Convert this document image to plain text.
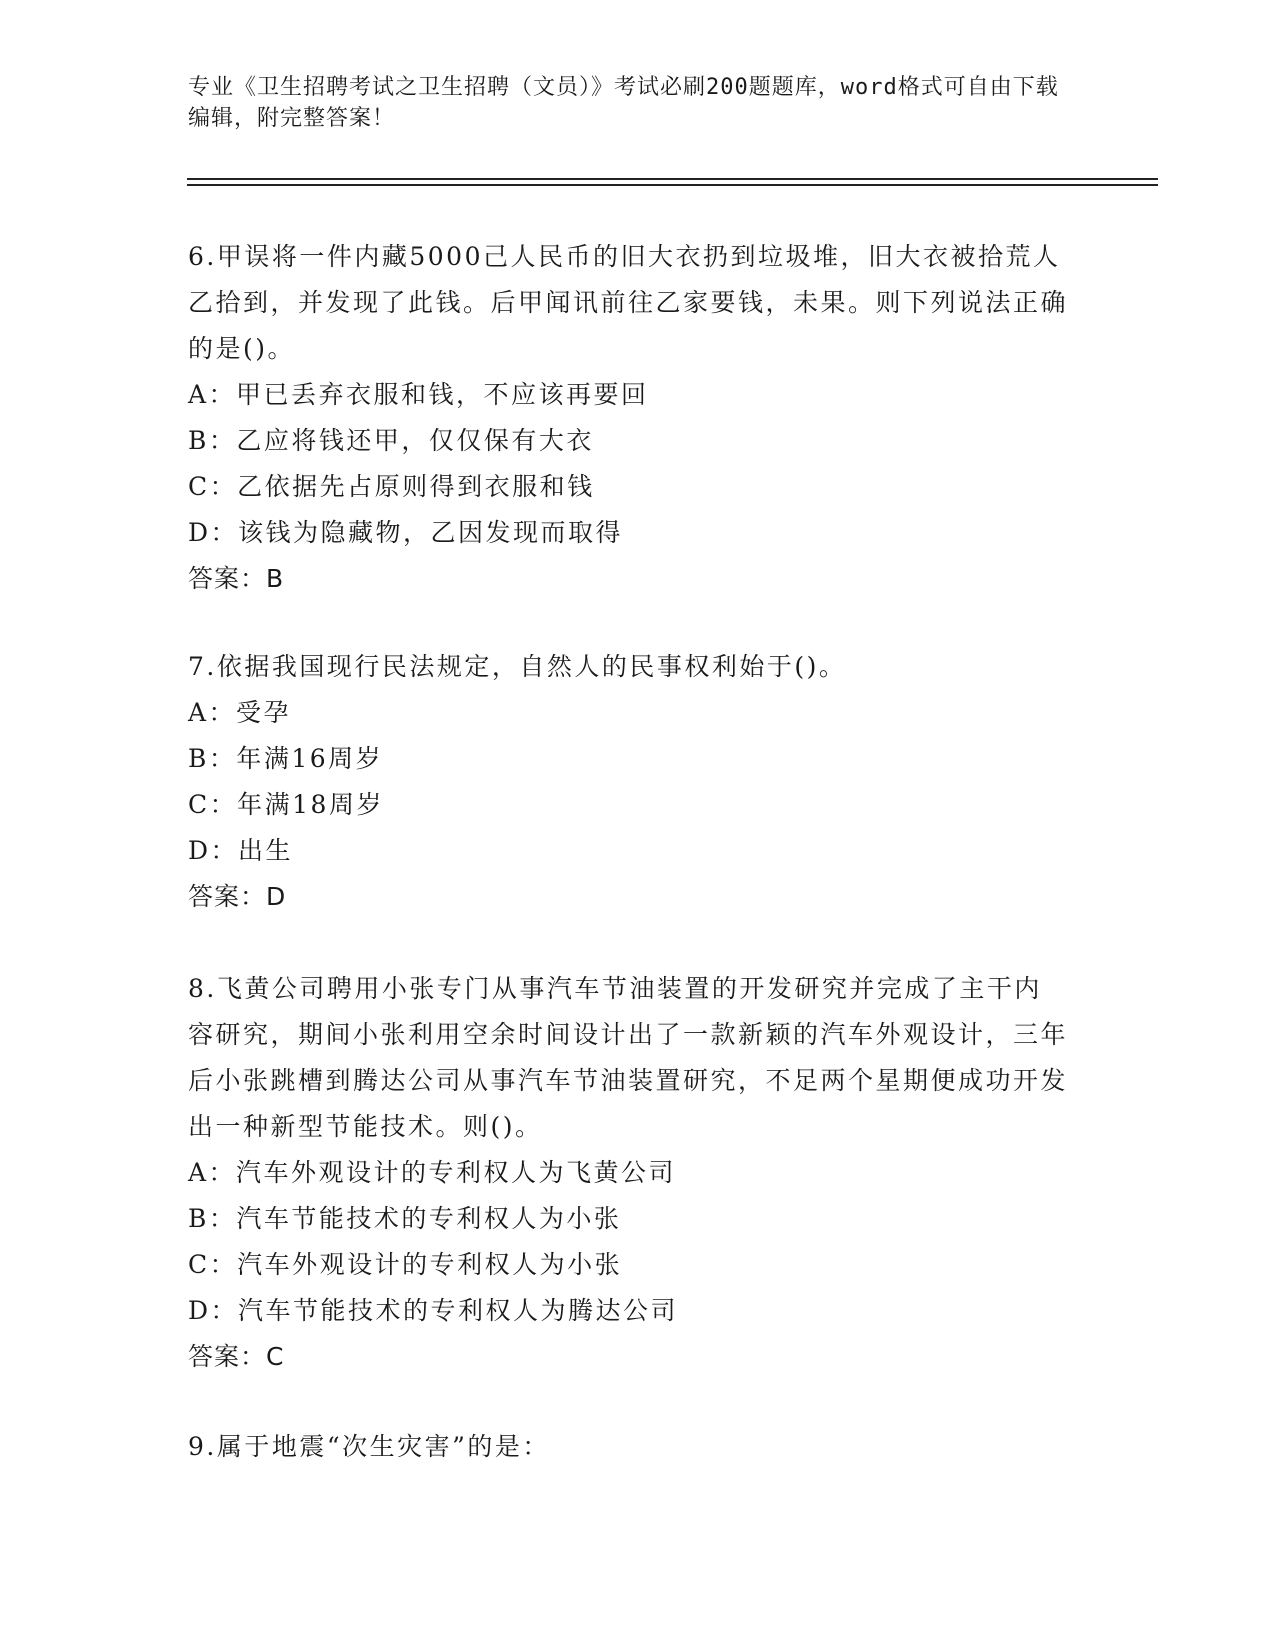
专业《卫生招聘考试之卫生招聘（文员）》考试必刷200题题库，word格式可自由下载编辑，附完整答案！

6.甲误将一件内藏5000己人民币的旧大衣扔到垃圾堆，旧大衣被拾荒人乙拾到，并发现了此钱。后甲闻讯前往乙家要钱，未果。则下列说法正确的是()。

A：甲已丢弃衣服和钱，不应该再要回

B：乙应将钱还甲，仅仅保有大衣

C：乙依据先占原则得到衣服和钱

D：该钱为隐藏物，乙因发现而取得

答案：B

7.依据我国现行民法规定，自然人的民事权利始于()。

A：受孕

B：年满16周岁

C：年满18周岁

D：出生

答案：D

8.飞黄公司聘用小张专门从事汽车节油装置的开发研究并完成了主干内容研究，期间小张利用空余时间设计出了一款新颖的汽车外观设计，三年后小张跳槽到腾达公司从事汽车节油装置研究，不足两个星期便成功开发出一种新型节能技术。则()。

A：汽车外观设计的专利权人为飞黄公司

B：汽车节能技术的专利权人为小张

C：汽车外观设计的专利权人为小张

D：汽车节能技术的专利权人为腾达公司

答案：C

9.属于地震“次生灾害”的是：
